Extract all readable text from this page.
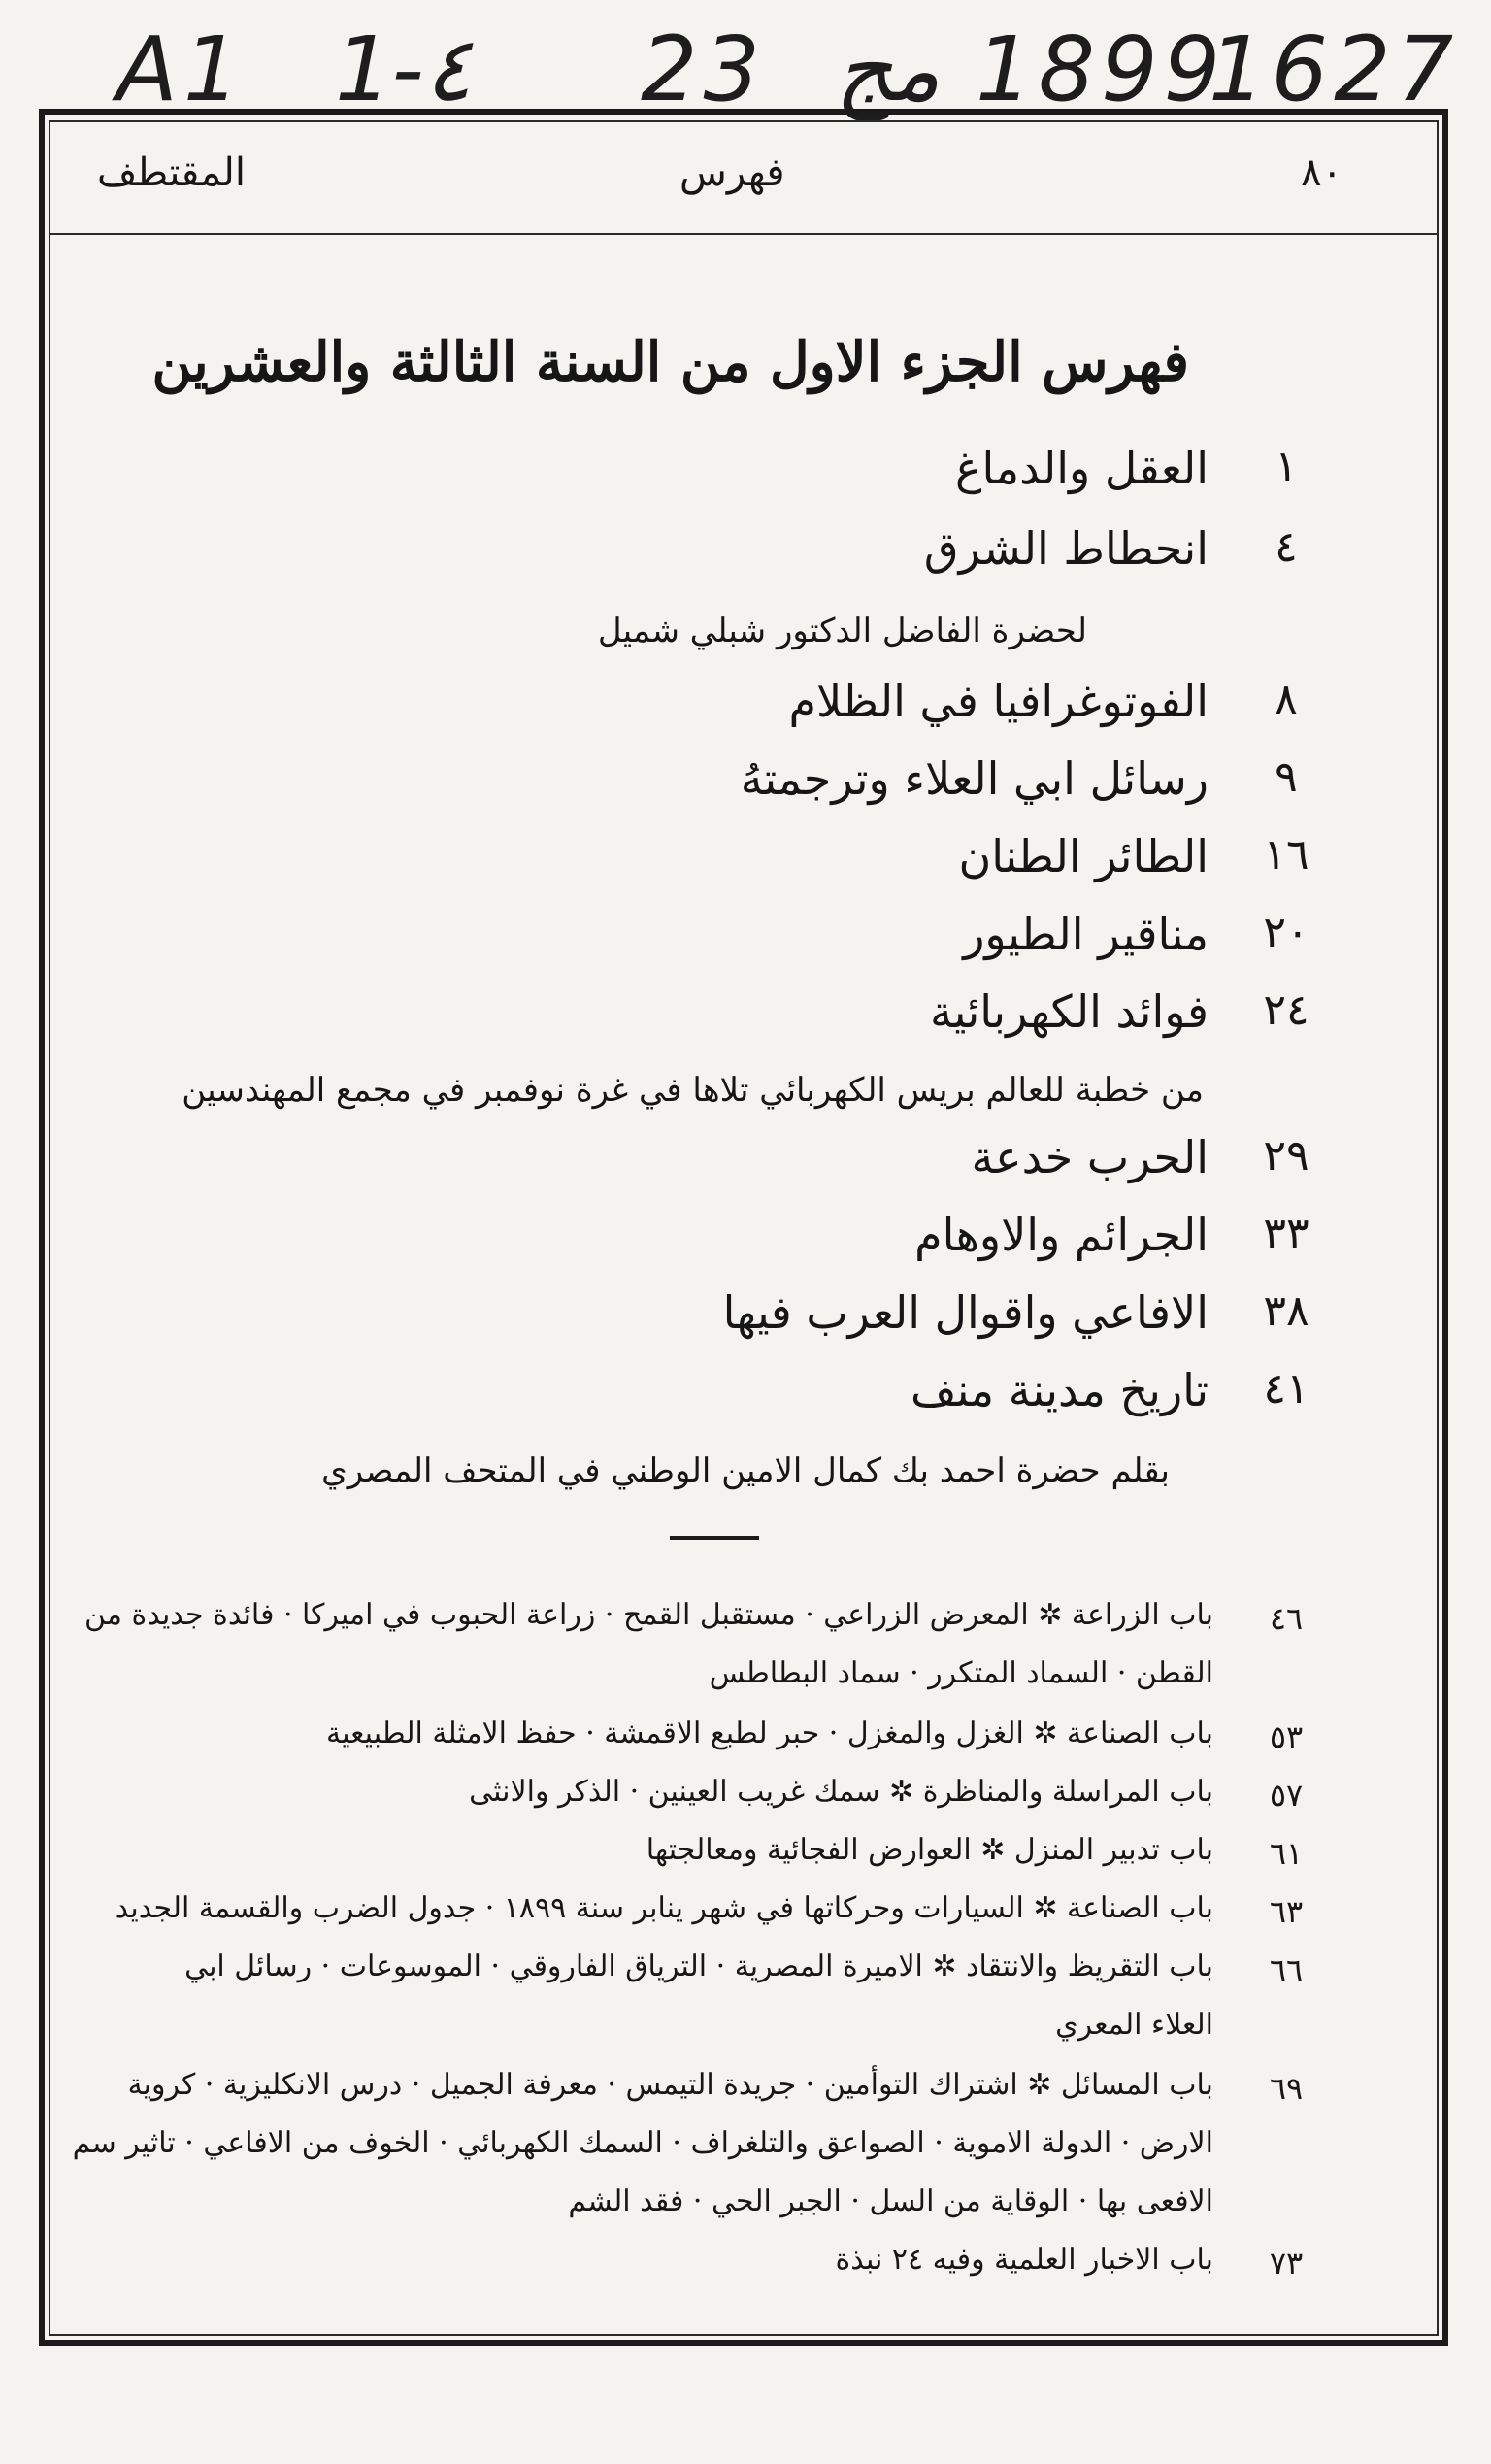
A1 1-٤ 23 مج 1899
1627
المقتطف	فهرس	٨٠
فهرس الجزء الاول من السنة الثالثة والعشرين
١
العقل والدماغ
٤
انحطاط الشرق
لحضرة الفاضل الدكتور شبلي شميل
٨
الفوتوغرافيا في الظلام
٩
رسائل ابي العلاء وترجمتهُ
١٦
الطائر الطنان
٢٠
مناقير الطيور
٢٤
فوائد الكهربائية
من خطبة للعالم بريس الكهربائي تلاها في غرة نوفمبر في مجمع المهندسين
٢٩
الحرب خدعة
٣٣
الجرائم والاوهام
٣٨
الافاعي واقوال العرب فيها
٤١
تاريخ مدينة منف
بقلم حضرة احمد بك كمال الامين الوطني في المتحف المصري
٤٦
باب الزراعة ✲ المعرض الزراعي · مستقبل القمح · زراعة الحبوب في اميركا · فائدة جديدة من
القطن · السماد المتكرر · سماد البطاطس
٥٣
باب الصناعة ✲ الغزل والمغزل · حبر لطبع الاقمشة · حفظ الامثلة الطبيعية
٥٧
باب المراسلة والمناظرة ✲ سمك غريب العينين · الذكر والانثى
٦١
باب تدبير المنزل ✲ العوارض الفجائية ومعالجتها
٦٣
باب الصناعة ✲ السيارات وحركاتها في شهر ينابر سنة ١٨٩٩ · جدول الضرب والقسمة الجديد
٦٦
باب التقريظ والانتقاد ✲ الاميرة المصرية · الترياق الفاروقي · الموسوعات · رسائل ابي
العلاء المعري
٦٩
باب المسائل ✲ اشتراك التوأمين · جريدة التيمس · معرفة الجميل · درس الانكليزية · كروية
الارض · الدولة الاموية · الصواعق والتلغراف · السمك الكهربائي · الخوف من الافاعي · تاثير سم
الافعى بها · الوقاية من السل · الجبر الحي · فقد الشم
٧٣
باب الاخبار العلمية وفيه ٢٤ نبذة
